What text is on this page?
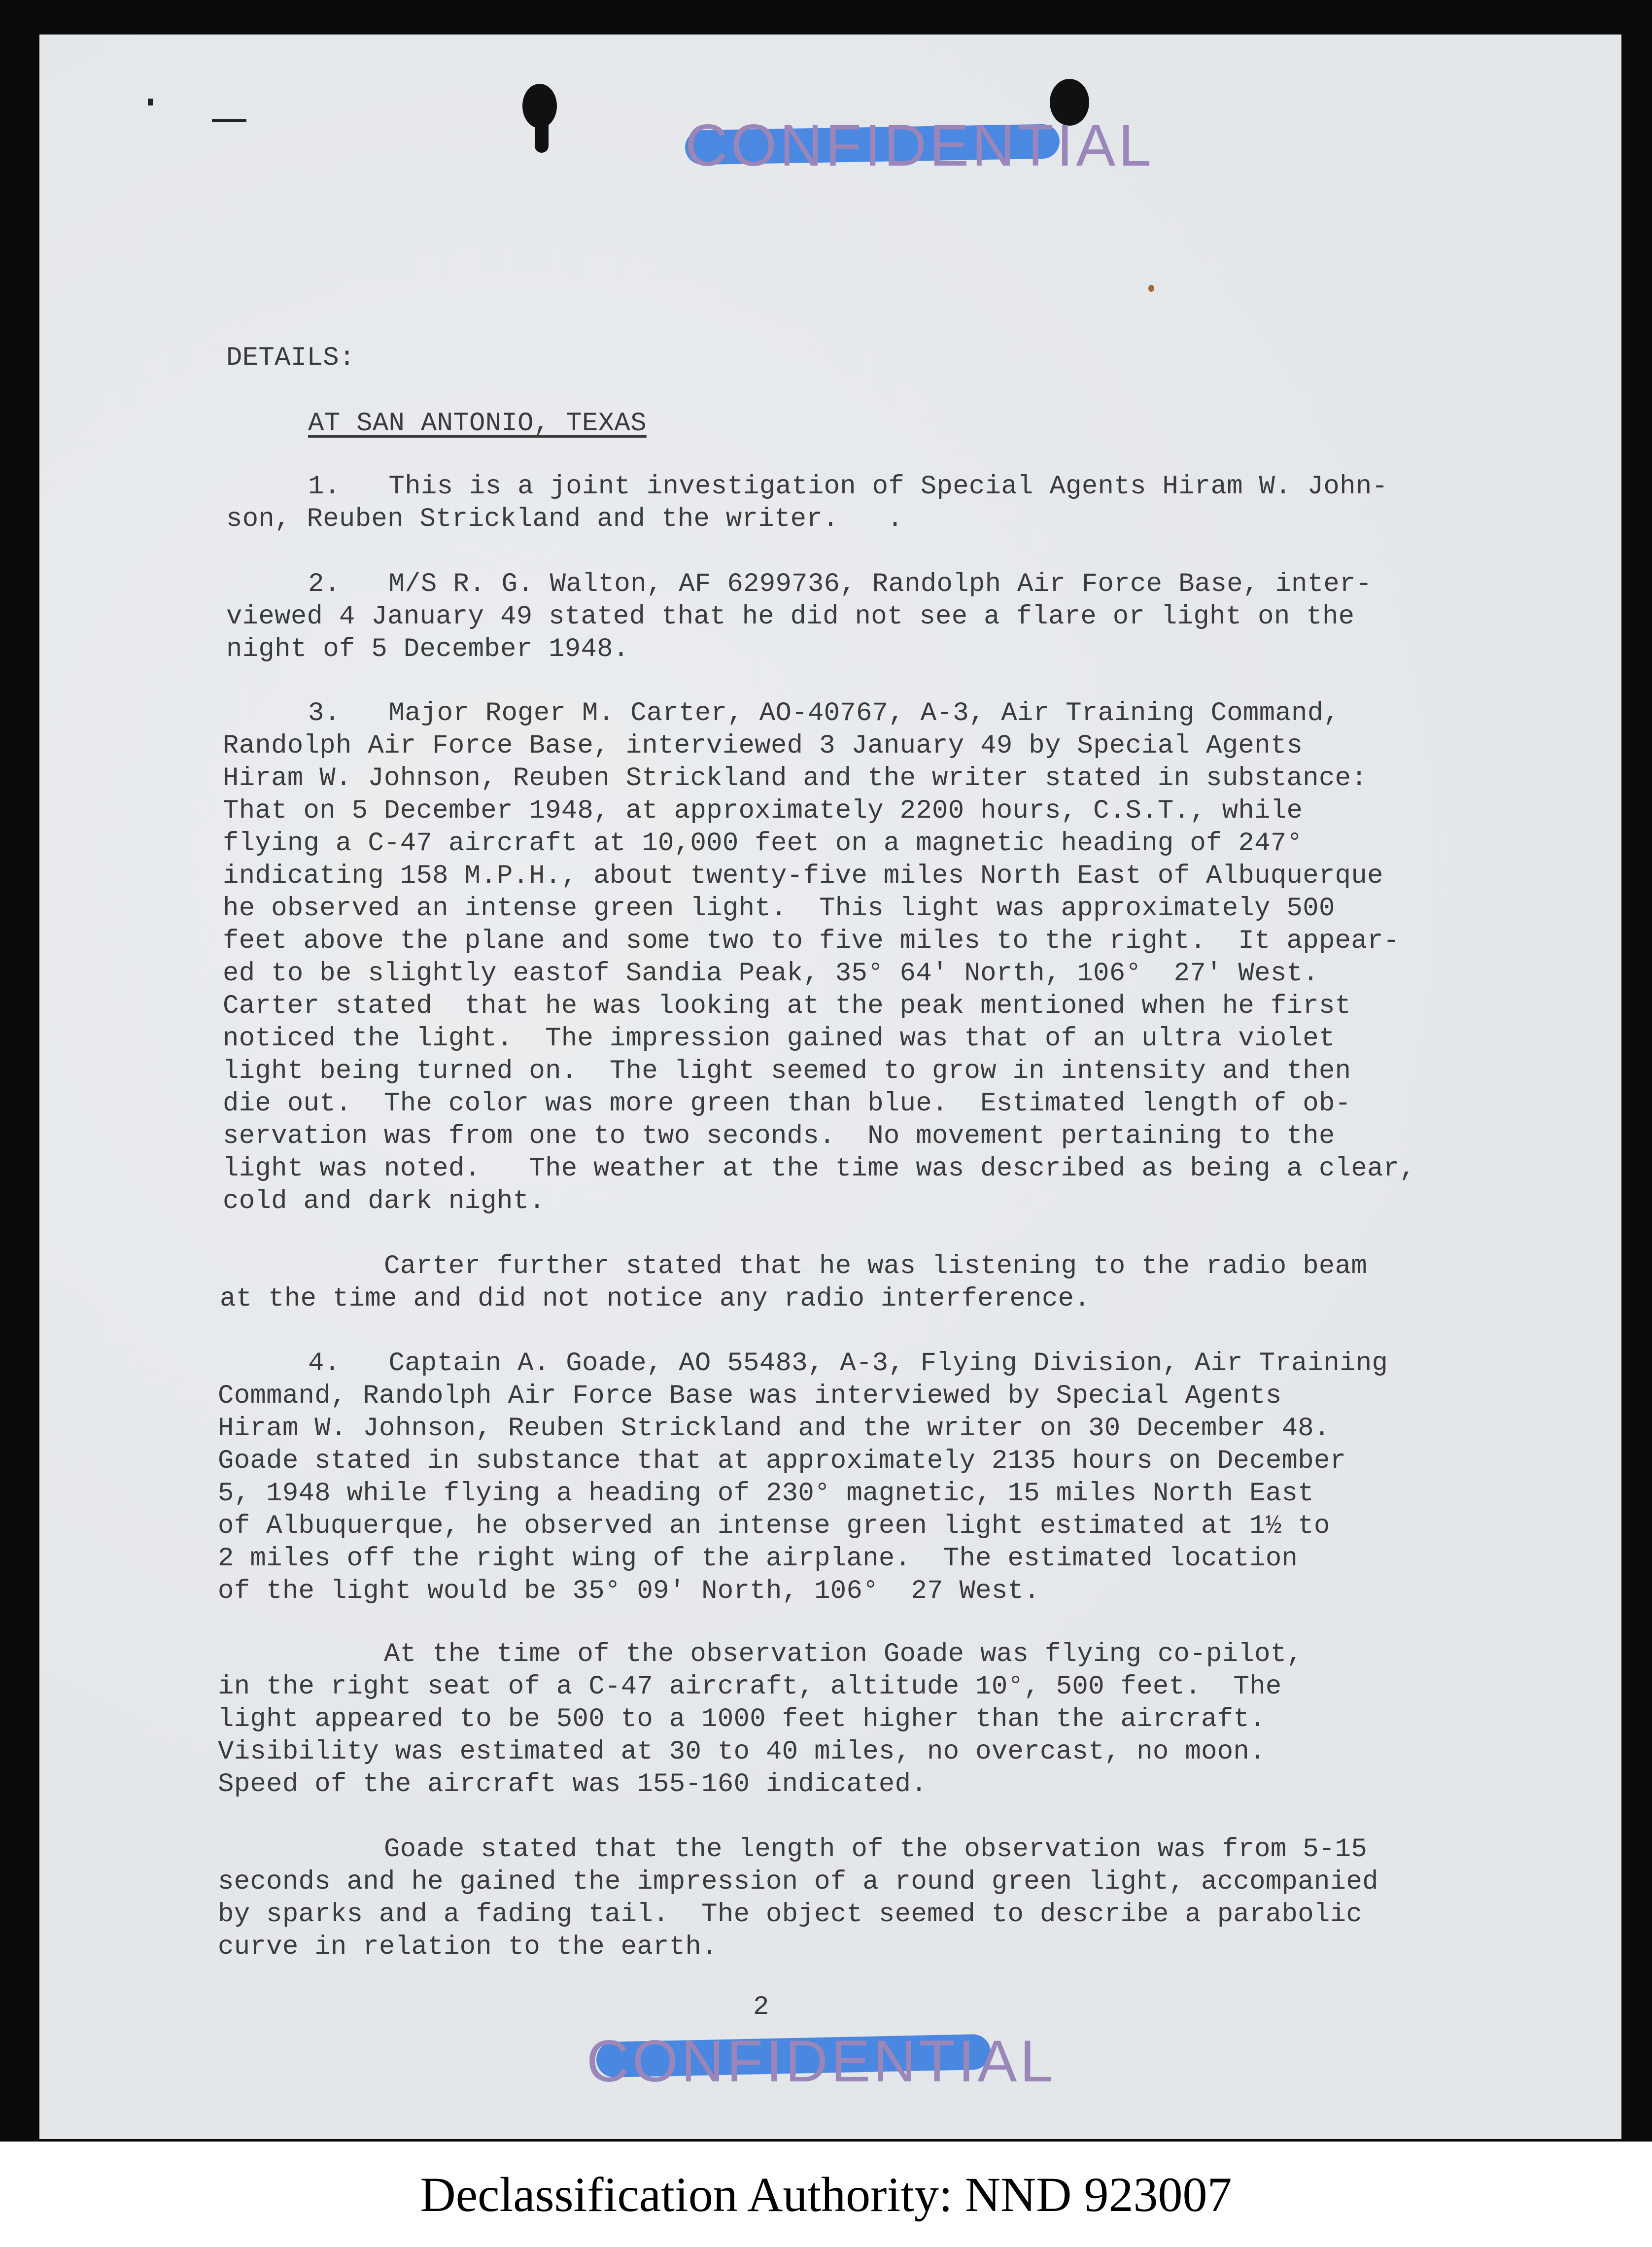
CONFIDENTIAL
DETAILS:
AT SAN ANTONIO, TEXAS
1.   This is a joint investigation of Special Agents Hiram W. John-
son, Reuben Strickland and the writer.   .
2.   M/S R. G. Walton, AF 6299736, Randolph Air Force Base, inter-
viewed 4 January 49 stated that he did not see a flare or light on the
night of 5 December 1948.
3.   Major Roger M. Carter, AO-40767, A-3, Air Training Command,
Randolph Air Force Base, interviewed 3 January 49 by Special Agents
Hiram W. Johnson, Reuben Strickland and the writer stated in substance:
That on 5 December 1948, at approximately 2200 hours, C.S.T., while
flying a C-47 aircraft at 10,000 feet on a magnetic heading of 247°
indicating 158 M.P.H., about twenty-five miles North East of Albuquerque
he observed an intense green light.  This light was approximately 500
feet above the plane and some two to five miles to the right.  It appear-
ed to be slightly eastof Sandia Peak, 35° 64' North, 106°  27' West.
Carter stated  that he was looking at the peak mentioned when he first
noticed the light.  The impression gained was that of an ultra violet
light being turned on.  The light seemed to grow in intensity and then
die out.  The color was more green than blue.  Estimated length of ob-
servation was from one to two seconds.  No movement pertaining to the
light was noted.   The weather at the time was described as being a clear,
cold and dark night.
Carter further stated that he was listening to the radio beam
at the time and did not notice any radio interference.
4.   Captain A. Goade, AO 55483, A-3, Flying Division, Air Training
Command, Randolph Air Force Base was interviewed by Special Agents
Hiram W. Johnson, Reuben Strickland and the writer on 30 December 48.
Goade stated in substance that at approximately 2135 hours on December
5, 1948 while flying a heading of 230° magnetic, 15 miles North East
of Albuquerque, he observed an intense green light estimated at 1½ to
2 miles off the right wing of the airplane.  The estimated location
of the light would be 35° 09' North, 106°  27 West.
At the time of the observation Goade was flying co-pilot,
in the right seat of a C-47 aircraft, altitude 10°, 500 feet.  The
light appeared to be 500 to a 1000 feet higher than the aircraft.
Visibility was estimated at 30 to 40 miles, no overcast, no moon.
Speed of the aircraft was 155-160 indicated.
Goade stated that the length of the observation was from 5-15
seconds and he gained the impression of a round green light, accompanied
by sparks and a fading tail.  The object seemed to describe a parabolic
curve in relation to the earth.
2
CONFIDENTIAL
Declassification Authority: NND 923007
